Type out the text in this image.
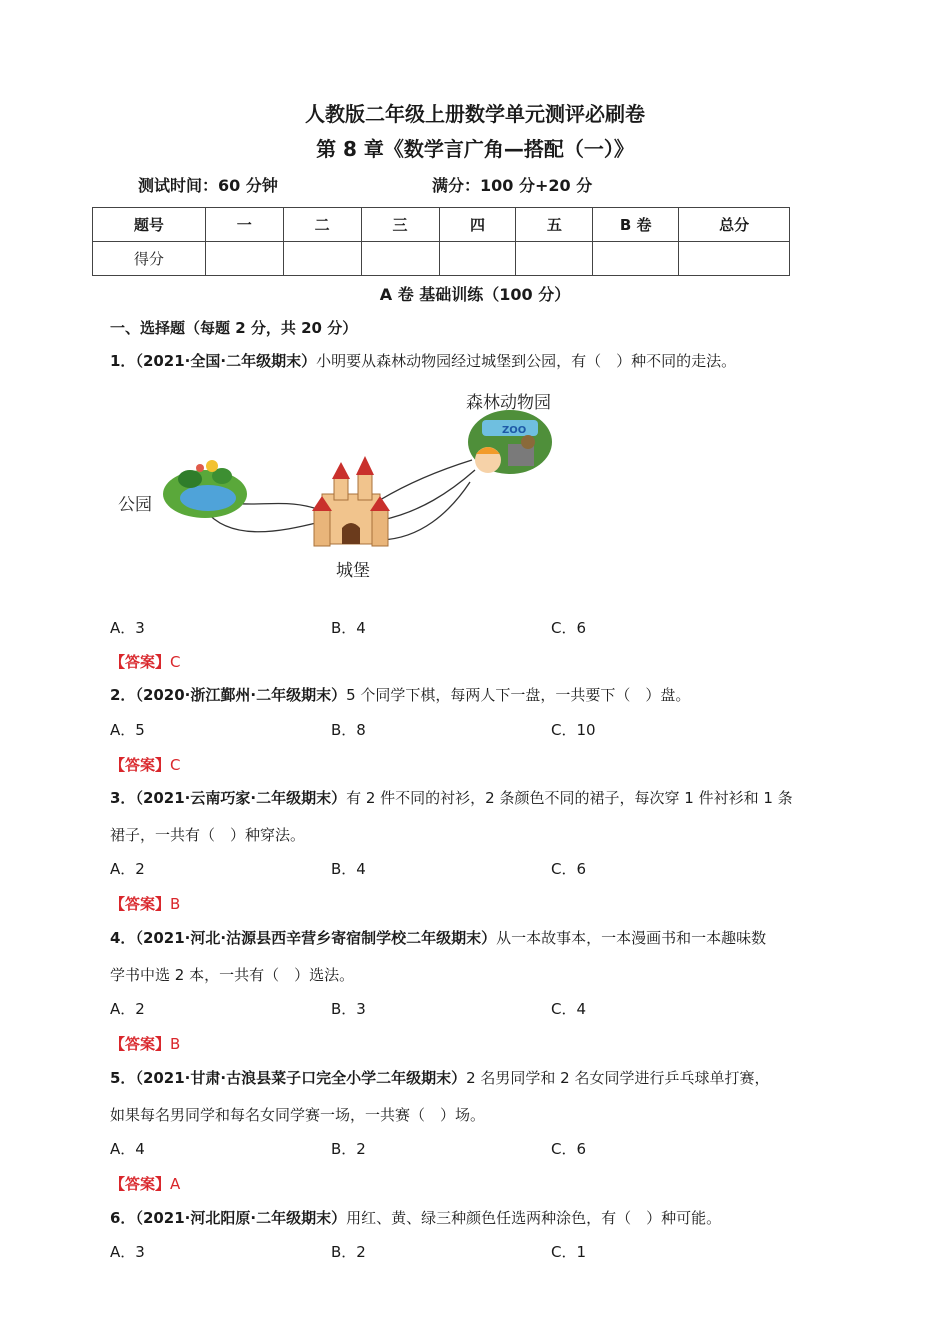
人教版二年级上册数学单元测评必刷卷
第 8 章《数学言广角—搭配（一）》
测试时间：60 分钟	满分：100 分+20 分
题号	一	二	三	四	五	B 卷	总分
得分							
A 卷 基础训练（100 分）
一、选择题（每题 2 分，共 20 分）
1．（2021·全国·二年级期末）小明要从森林动物园经过城堡到公园，有（　）种不同的走法。
ZOO
森林动物园
公园
城堡
A．3	B．4	C．6
【答案】C
2．（2020·浙江鄞州·二年级期末）5 个同学下棋，每两人下一盘，一共要下（　）盘。
A．5	B．8	C．10
【答案】C
3．（2021·云南巧家·二年级期末）有 2 件不同的衬衫，2 条颜色不同的裙子，每次穿 1 件衬衫和 1 条
裙子，一共有（　）种穿法。
A．2	B．4	C．6
【答案】B
4．（2021·河北·沽源县西辛营乡寄宿制学校二年级期末）从一本故事本，一本漫画书和一本趣味数
学书中选 2 本，一共有（　）选法。
A．2	B．3	C．4
【答案】B
5．（2021·甘肃·古浪县菜子口完全小学二年级期末）2 名男同学和 2 名女同学进行乒乓球单打赛，
如果每名男同学和每名女同学赛一场，一共赛（　）场。
A．4	B．2	C．6
【答案】A
6．（2021·河北阳原·二年级期末）用红、黄、绿三种颜色任选两种涂色，有（　）种可能。
A．3	B．2	C．1
